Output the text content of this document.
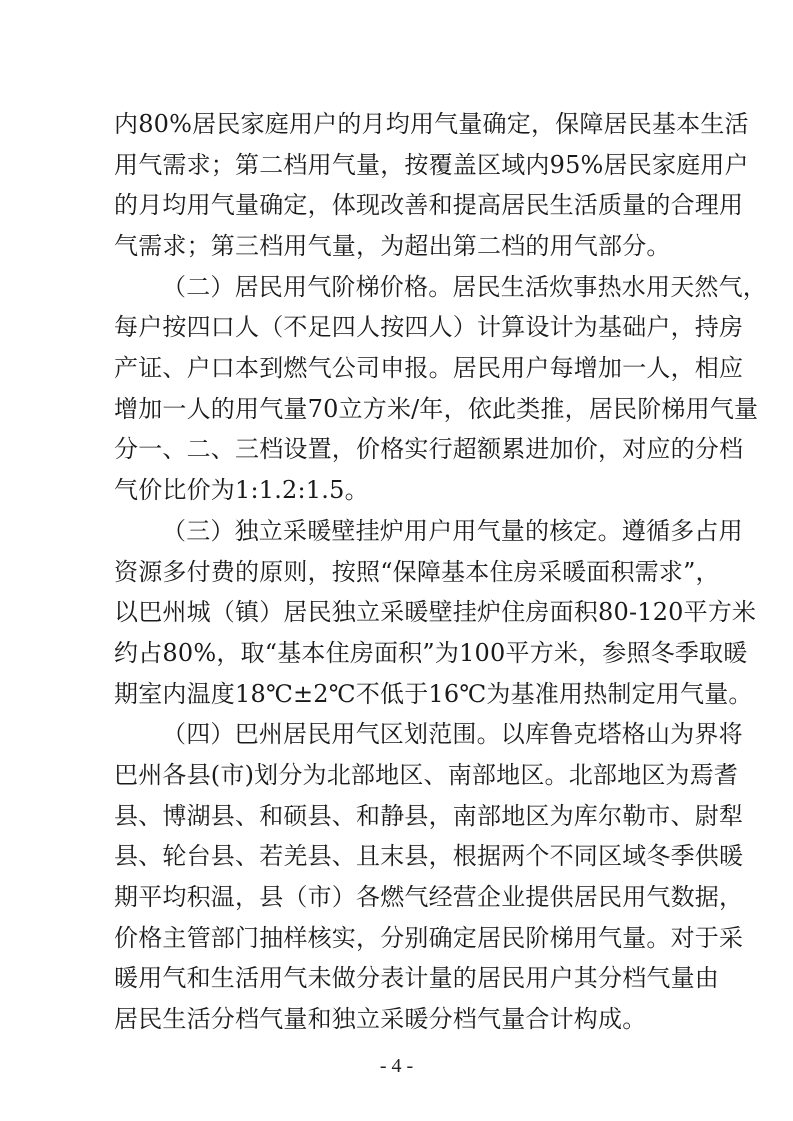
内80%居民家庭用户的月均用气量确定，保障居民基本生活
用气需求；第二档用气量，按覆盖区域内95%居民家庭用户
的月均用气量确定，体现改善和提高居民生活质量的合理用
气需求；第三档用气量，为超出第二档的用气部分。
（二）居民用气阶梯价格。居民生活炊事热水用天然气，
每户按四口人（不足四人按四人）计算设计为基础户，持房
产证、户口本到燃气公司申报。居民用户每增加一人，相应
增加一人的用气量70立方米/年，依此类推，居民阶梯用气量
分一、二、三档设置，价格实行超额累进加价，对应的分档
气价比价为1:1.2:1.5。
（三）独立采暖壁挂炉用户用气量的核定。遵循多占用
资源多付费的原则，按照“保障基本住房采暖面积需求”，
以巴州城（镇）居民独立采暖壁挂炉住房面积80-120平方米
约占80%，取“基本住房面积”为100平方米，参照冬季取暖
期室内温度18℃±2℃不低于16℃为基准用热制定用气量。
（四）巴州居民用气区划范围。以库鲁克塔格山为界将
巴州各县(市)划分为北部地区、南部地区。北部地区为焉耆
县、博湖县、和硕县、和静县，南部地区为库尔勒市、尉犁
县、轮台县、若羌县、且末县，根据两个不同区域冬季供暖
期平均积温，县（市）各燃气经营企业提供居民用气数据，
价格主管部门抽样核实，分别确定居民阶梯用气量。对于采
暖用气和生活用气未做分表计量的居民用户其分档气量由
居民生活分档气量和独立采暖分档气量合计构成。
- 4 -
